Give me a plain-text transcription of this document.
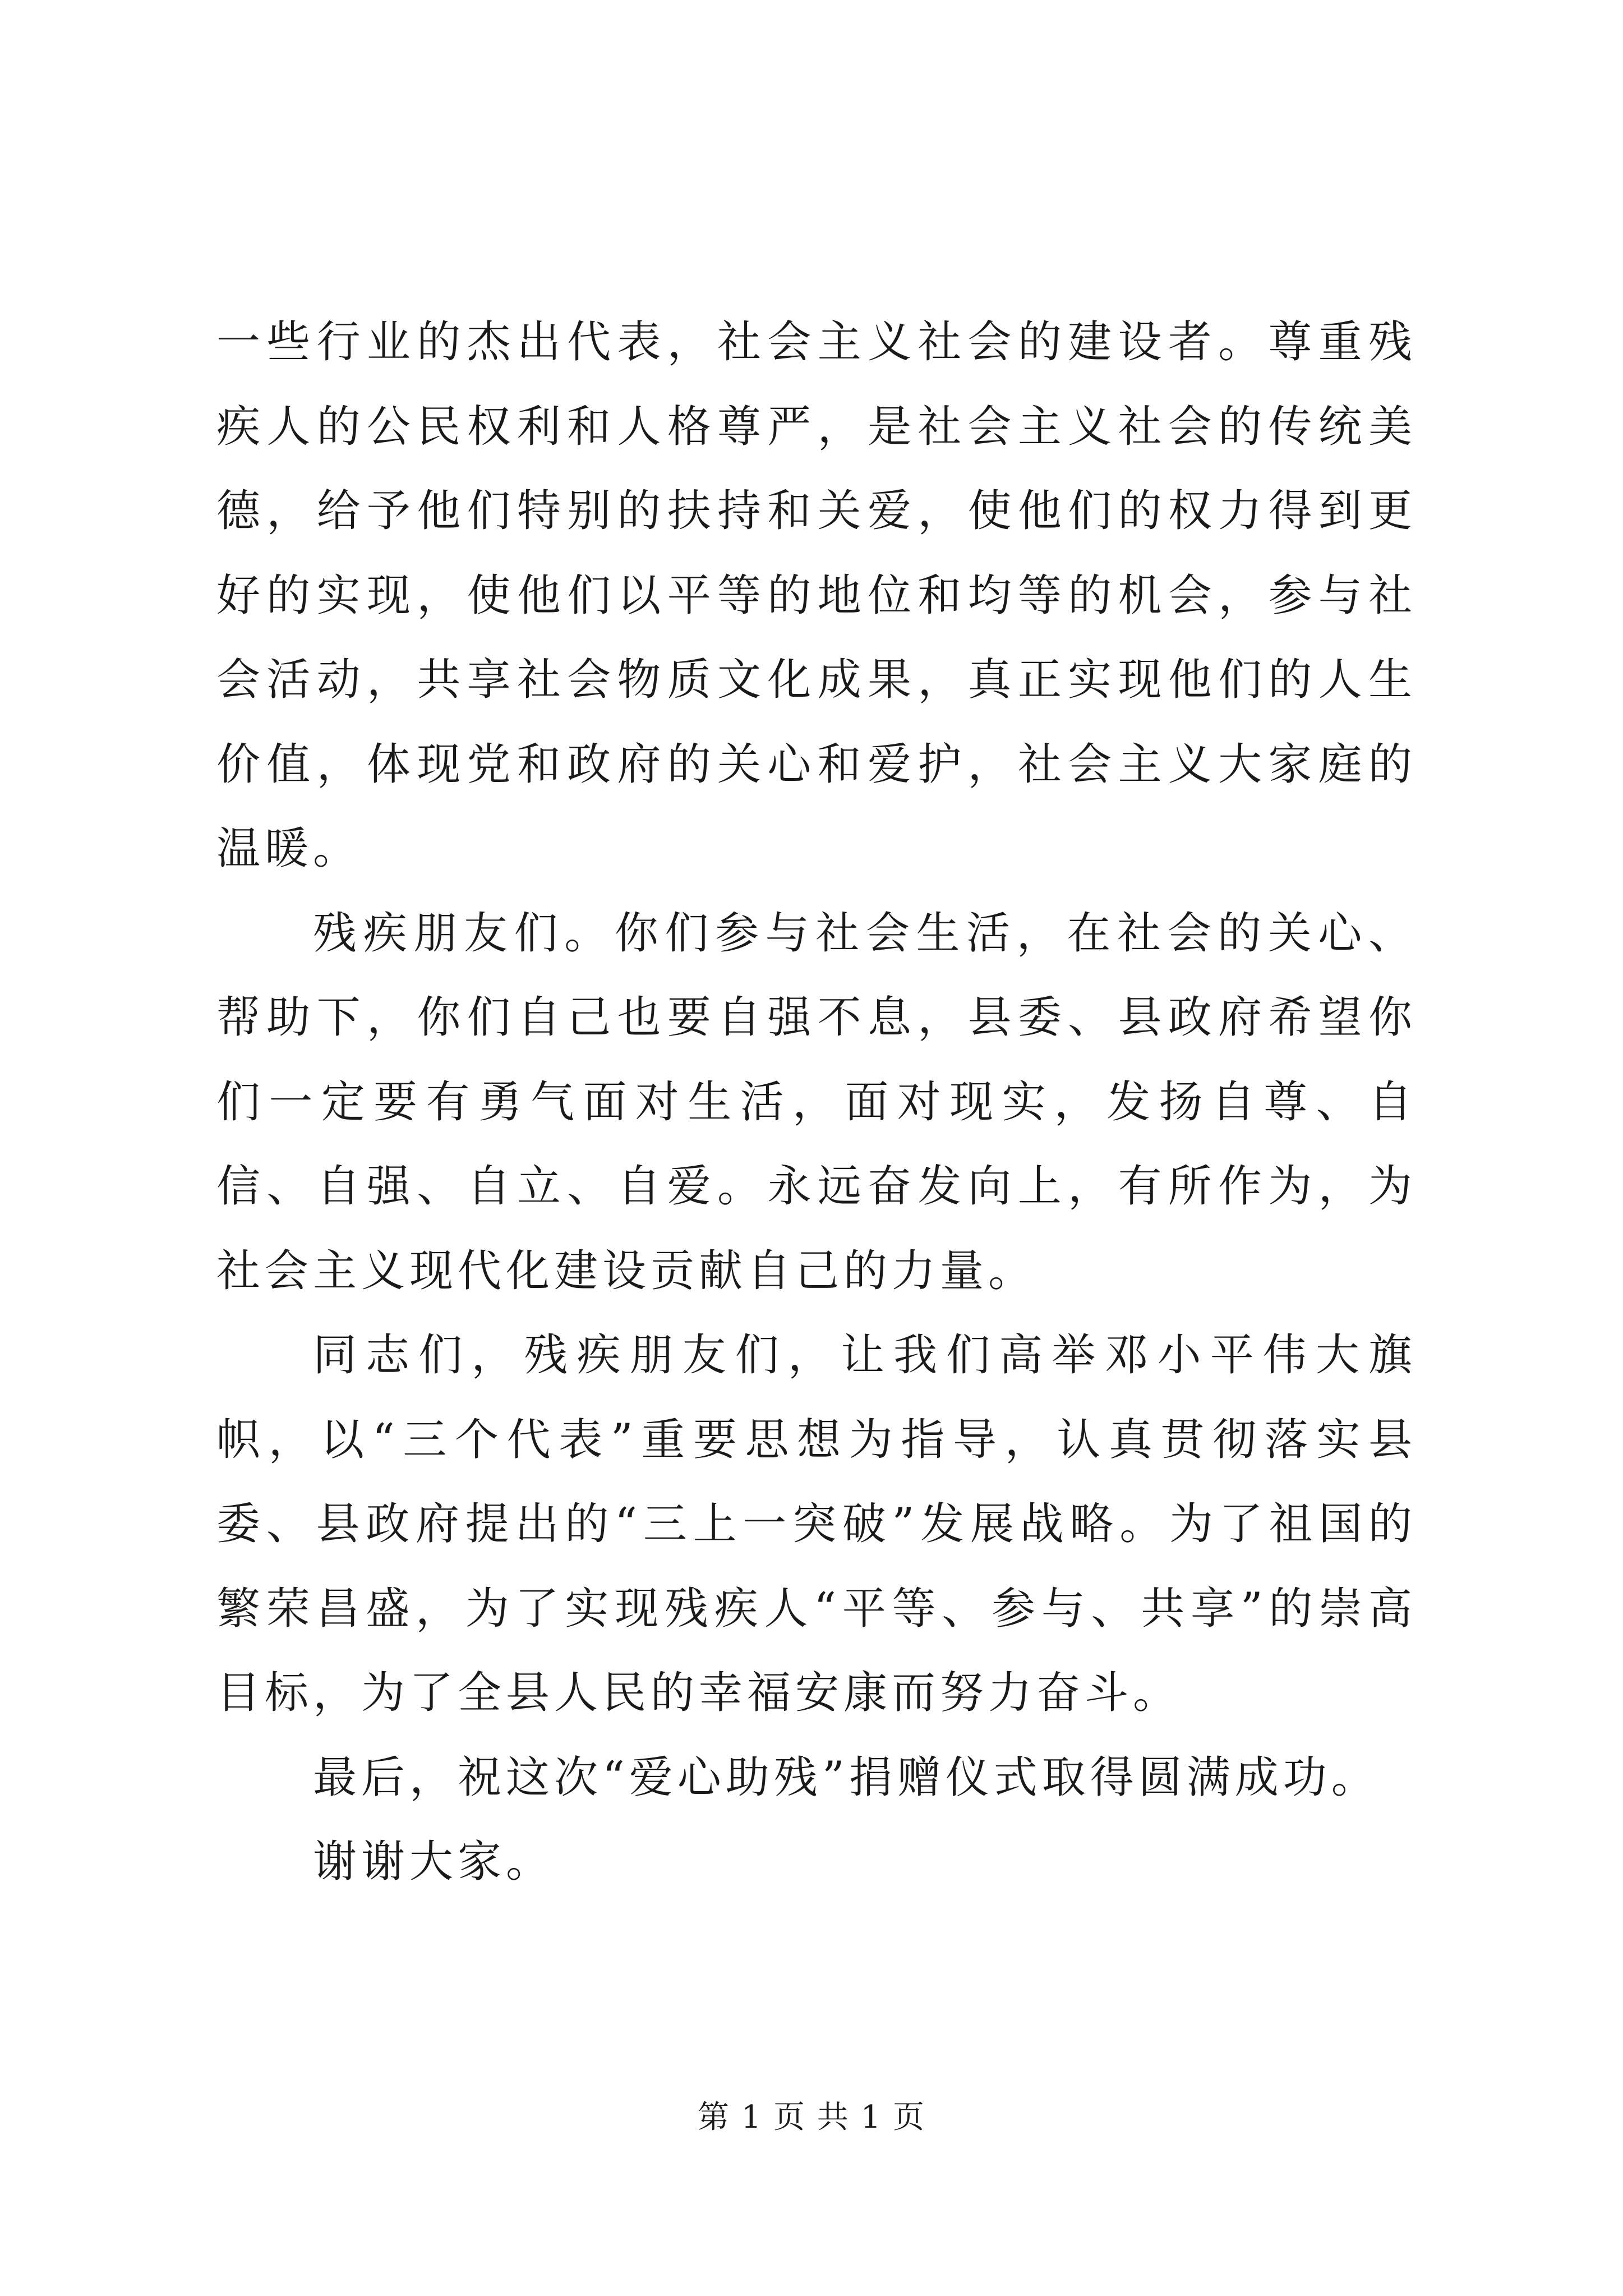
一些行业的杰出代表，社会主义社会的建设者。尊重残疾人的公民权利和人格尊严，是社会主义社会的传统美德，给予他们特别的扶持和关爱，使他们的权力得到更好的实现，使他们以平等的地位和均等的机会，参与社会活动，共享社会物质文化成果，真正实现他们的人生价值，体现党和政府的关心和爱护，社会主义大家庭的温暖。

残疾朋友们。你们参与社会生活，在社会的关心、帮助下，你们自己也要自强不息，县委、县政府希望你们一定要有勇气面对生活，面对现实，发扬自尊、自信、自强、自立、自爱。永远奋发向上，有所作为，为社会主义现代化建设贡献自己的力量。

同志们，残疾朋友们，让我们高举邓小平伟大旗帜，以“三个代表”重要思想为指导，认真贯彻落实县委、县政府提出的“三上一突破”发展战略。为了祖国的繁荣昌盛，为了实现残疾人“平等、参与、共享”的崇高目标，为了全县人民的幸福安康而努力奋斗。

最后，祝这次“爱心助残”捐赠仪式取得圆满成功。

谢谢大家。

第 1 页 共 1 页
